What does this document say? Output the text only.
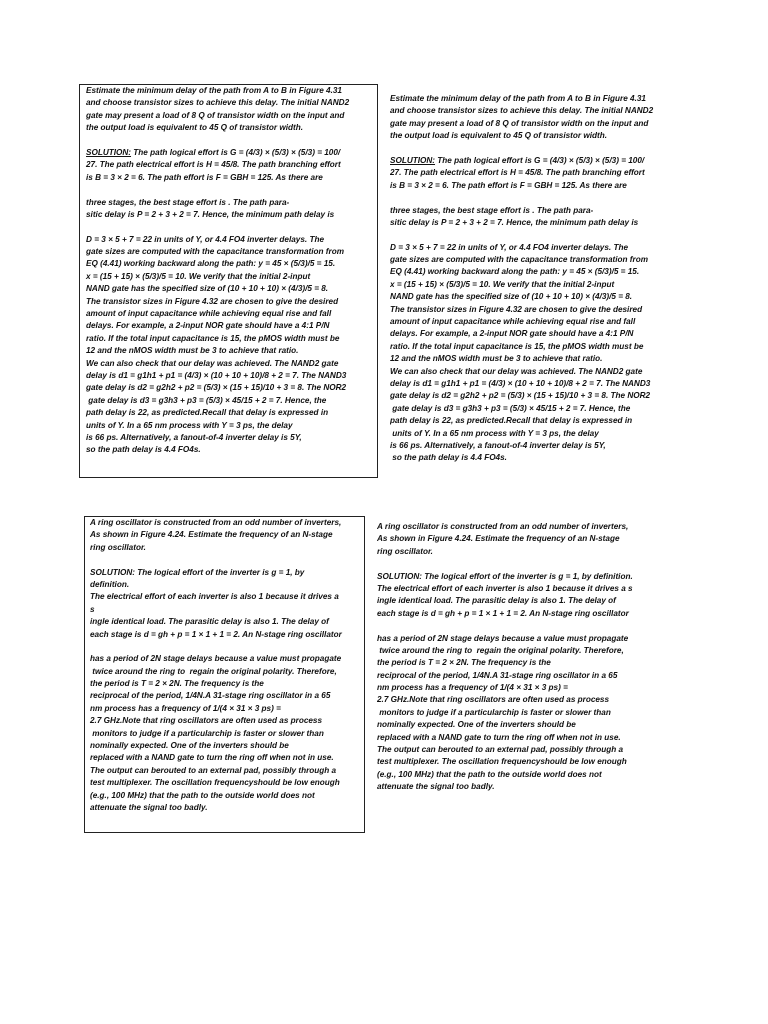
Estimate the minimum delay of the path from A to B in Figure 4.31
and choose transistor sizes to achieve this delay. The initial NAND2
gate may present a load of 8 Q of transistor width on the input and
the output load is equivalent to 45 Q of transistor width.
SOLUTION: The path logical effort is G = (4/3) × (5/3) × (5/3) = 100/
27. The path electrical effort is H = 45/8. The path branching effort
is B = 3 × 2 = 6. The path effort is F = GBH = 125. As there are
three stages, the best stage effort is . The path para-
sitic delay is P = 2 + 3 + 2 = 7. Hence, the minimum path delay is
D = 3 × 5 + 7 = 22 in units of Y, or 4.4 FO4 inverter delays. The
gate sizes are computed with the capacitance transformation from
EQ (4.41) working backward along the path: y = 45 × (5/3)/5 = 15.
x = (15 + 15) × (5/3)/5 = 10. We verify that the initial 2-input
NAND gate has the specified size of (10 + 10 + 10) × (4/3)/5 = 8.
The transistor sizes in Figure 4.32 are chosen to give the desired
amount of input capacitance while achieving equal rise and fall
delays. For example, a 2-input NOR gate should have a 4:1 P/N
ratio. If the total input capacitance is 15, the pMOS width must be
12 and the nMOS width must be 3 to achieve that ratio.
We can also check that our delay was achieved. The NAND2 gate
delay is d1 = g1h1 + p1 = (4/3) × (10 + 10 + 10)/8 + 2 = 7. The NAND3
gate delay is d2 = g2h2 + p2 = (5/3) × (15 + 15)/10 + 3 = 8. The NOR2
gate delay is d3 = g3h3 + p3 = (5/3) × 45/15 + 2 = 7. Hence, the
path delay is 22, as predicted.Recall that delay is expressed in
units of Y. In a 65 nm process with Y = 3 ps, the delay
is 66 ps. Alternatively, a fanout-of-4 inverter delay is 5Y,
so the path delay is 4.4 FO4s.
Estimate the minimum delay of the path from A to B in Figure 4.31
and choose transistor sizes to achieve this delay. The initial NAND2
gate may present a load of 8 Q of transistor width on the input and
the output load is equivalent to 45 Q of transistor width.
SOLUTION: The path logical effort is G = (4/3) × (5/3) × (5/3) = 100/
27. The path electrical effort is H = 45/8. The path branching effort
is B = 3 × 2 = 6. The path effort is F = GBH = 125. As there are
three stages, the best stage effort is . The path para-
sitic delay is P = 2 + 3 + 2 = 7. Hence, the minimum path delay is
D = 3 × 5 + 7 = 22 in units of Y, or 4.4 FO4 inverter delays. The
gate sizes are computed with the capacitance transformation from
EQ (4.41) working backward along the path: y = 45 × (5/3)/5 = 15.
x = (15 + 15) × (5/3)/5 = 10. We verify that the initial 2-input
NAND gate has the specified size of (10 + 10 + 10) × (4/3)/5 = 8.
The transistor sizes in Figure 4.32 are chosen to give the desired
amount of input capacitance while achieving equal rise and fall
delays. For example, a 2-input NOR gate should have a 4:1 P/N
ratio. If the total input capacitance is 15, the pMOS width must be
12 and the nMOS width must be 3 to achieve that ratio.
We can also check that our delay was achieved. The NAND2 gate
delay is d1 = g1h1 + p1 = (4/3) × (10 + 10 + 10)/8 + 2 = 7. The NAND3
gate delay is d2 = g2h2 + p2 = (5/3) × (15 + 15)/10 + 3 = 8. The NOR2
gate delay is d3 = g3h3 + p3 = (5/3) × 45/15 + 2 = 7. Hence, the
path delay is 22, as predicted.Recall that delay is expressed in
units of Y. In a 65 nm process with Y = 3 ps, the delay
is 66 ps. Alternatively, a fanout-of-4 inverter delay is 5Y,
so the path delay is 4.4 FO4s.
A ring oscillator is constructed from an odd number of inverters,
As shown in Figure 4.24. Estimate the frequency of an N-stage
ring oscillator.
SOLUTION: The logical effort of the inverter is g = 1, by
definition.
The electrical effort of each inverter is also 1 because it drives a
s
ingle identical load. The parasitic delay is also 1. The delay of
each stage is d = gh + p = 1 × 1 + 1 = 2. An N-stage ring oscillator
has a period of 2N stage delays because a value must propagate
twice around the ring to  regain the original polarity. Therefore,
the period is T = 2 × 2N. The frequency is the
reciprocal of the period, 1/4N.A 31-stage ring oscillator in a 65
nm process has a frequency of 1/(4 × 31 × 3 ps) =
2.7 GHz.Note that ring oscillators are often used as process
monitors to judge if a particularchip is faster or slower than
nominally expected. One of the inverters should be
replaced with a NAND gate to turn the ring off when not in use.
The output can berouted to an external pad, possibly through a
test multiplexer. The oscillation frequencyshould be low enough
(e.g., 100 MHz) that the path to the outside world does not
attenuate the signal too badly.
A ring oscillator is constructed from an odd number of inverters,
As shown in Figure 4.24. Estimate the frequency of an N-stage
ring oscillator.
SOLUTION: The logical effort of the inverter is g = 1, by definition.
The electrical effort of each inverter is also 1 because it drives a s
ingle identical load. The parasitic delay is also 1. The delay of
each stage is d = gh + p = 1 × 1 + 1 = 2. An N-stage ring oscillator
has a period of 2N stage delays because a value must propagate
twice around the ring to  regain the original polarity. Therefore,
the period is T = 2 × 2N. The frequency is the
reciprocal of the period, 1/4N.A 31-stage ring oscillator in a 65
nm process has a frequency of 1/(4 × 31 × 3 ps) =
2.7 GHz.Note that ring oscillators are often used as process
monitors to judge if a particularchip is faster or slower than
nominally expected. One of the inverters should be
replaced with a NAND gate to turn the ring off when not in use.
The output can berouted to an external pad, possibly through a
test multiplexer. The oscillation frequencyshould be low enough
(e.g., 100 MHz) that the path to the outside world does not
attenuate the signal too badly.
